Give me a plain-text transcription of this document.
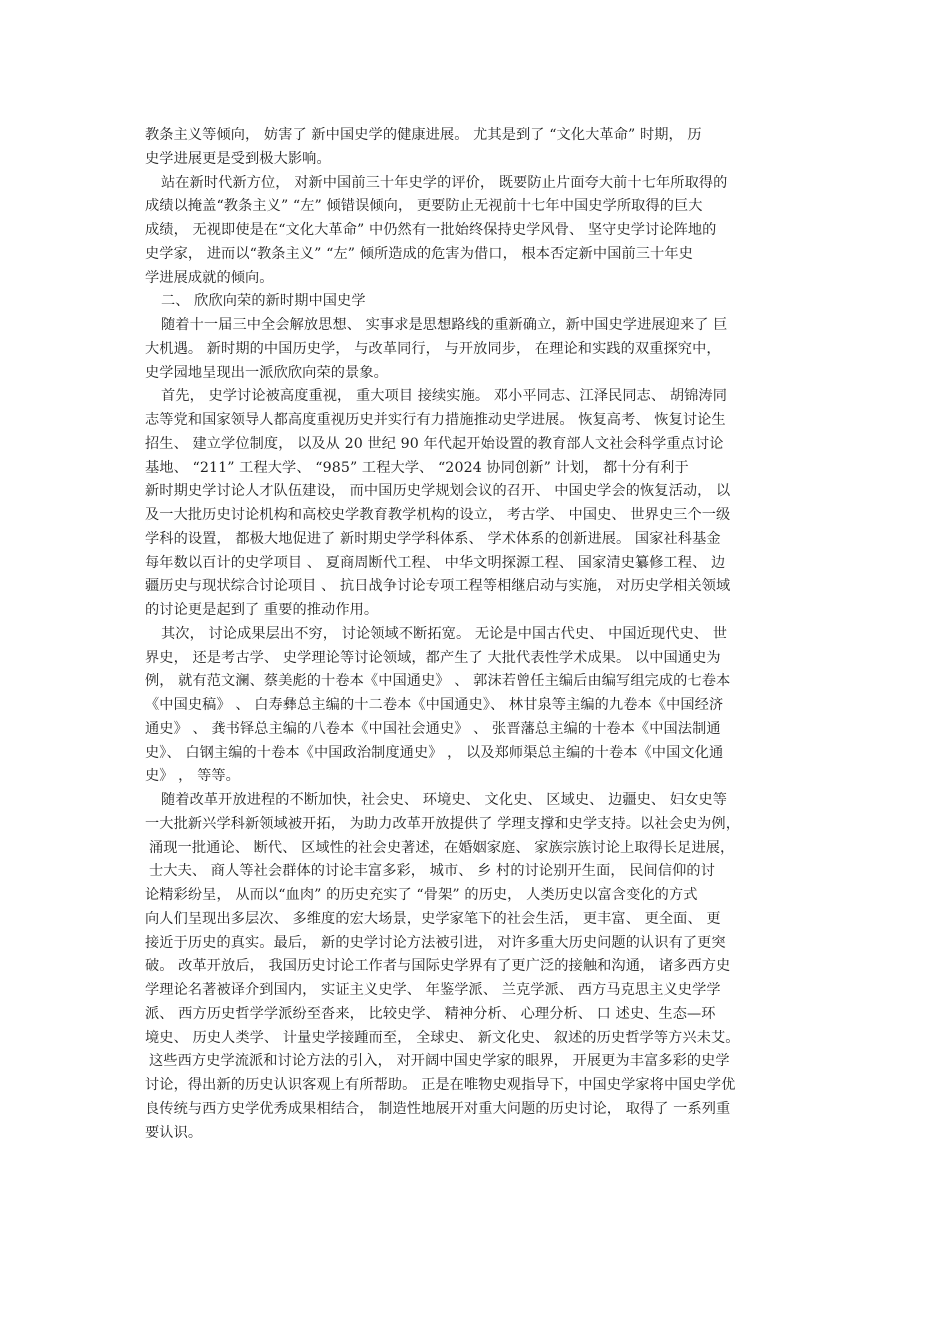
教条主义等倾向， 妨害了 新中国史学的健康进展。 尤其是到了 “文化大革命” 时期， 历
史学进展更是受到极大影响。
站在新时代新方位， 对新中国前三十年史学的评价， 既要防止片面夸大前十七年所取得的
成绩以掩盖“教条主义” “左” 倾错误倾向， 更要防止无视前十七年中国史学所取得的巨大
成绩， 无视即使是在“文化大革命” 中仍然有一批始终保持史学风骨、 坚守史学讨论阵地的
史学家， 进而以“教条主义” “左” 倾所造成的危害为借口， 根本否定新中国前三十年史
学进展成就的倾向。
二、 欣欣向荣的新时期中国史学
随着十一届三中全会解放思想、 实事求是思想路线的重新确立，新中国史学进展迎来了 巨
大机遇。 新时期的中国历史学， 与改革同行， 与开放同步， 在理论和实践的双重探究中，
史学园地呈现出一派欣欣向荣的景象。
首先， 史学讨论被高度重视， 重大项目 接续实施。 邓小平同志、江泽民同志、 胡锦涛同
志等党和国家领导人都高度重视历史并实行有力措施推动史学进展。 恢复高考、 恢复讨论生
招生、 建立学位制度， 以及从 20 世纪 90 年代起开始设置的教育部人文社会科学重点讨论
基地、 “211” 工程大学、 “985” 工程大学、 “2024 协同创新” 计划， 都十分有利于
新时期史学讨论人才队伍建设， 而中国历史学规划会议的召开、 中国史学会的恢复活动， 以
及一大批历史讨论机构和高校史学教育教学机构的设立， 考古学、 中国史、 世界史三个一级
学科的设置， 都极大地促进了 新时期史学学科体系、 学术体系的创新进展。 国家社科基金
每年数以百计的史学项目 、 夏商周断代工程、 中华文明探源工程、 国家清史纂修工程、 边
疆历史与现状综合讨论项目 、 抗日战争讨论专项工程等相继启动与实施， 对历史学相关领域
的讨论更是起到了 重要的推动作用。
其次， 讨论成果层出不穷， 讨论领域不断拓宽。 无论是中国古代史、 中国近现代史、 世
界史， 还是考古学、 史学理论等讨论领域，都产生了 大批代表性学术成果。 以中国通史为
例， 就有范文澜、蔡美彪的十卷本《中国通史》 、 郭沫若曾任主编后由编写组完成的七卷本
《中国史稿》 、 白寿彝总主编的十二卷本《中国通史》、 林甘泉等主编的九卷本《中国经济
通史》 、 龚书铎总主编的八卷本《中国社会通史》 、 张晋藩总主编的十卷本《中国法制通
史》、 白钢主编的十卷本《中国政治制度通史》 ， 以及郑师渠总主编的十卷本《中国文化通
史》 ， 等等。
随着改革开放进程的不断加快，社会史、 环境史、 文化史、 区域史、 边疆史、 妇女史等
一大批新兴学科新领域被开拓， 为助力改革开放提供了 学理支撑和史学支持。以社会史为例，
涌现一批通论、 断代、 区域性的社会史著述，在婚姻家庭、 家族宗族讨论上取得长足进展，
士大夫、 商人等社会群体的讨论丰富多彩， 城市、 乡 村的讨论别开生面， 民间信仰的讨
论精彩纷呈， 从而以“血肉” 的历史充实了 “骨架” 的历史， 人类历史以富含变化的方式
向人们呈现出多层次、 多维度的宏大场景，史学家笔下的社会生活， 更丰富、 更全面、 更
接近于历史的真实。最后， 新的史学讨论方法被引进， 对许多重大历史问题的认识有了更突
破。 改革开放后， 我国历史讨论工作者与国际史学界有了更广泛的接触和沟通， 诸多西方史
学理论名著被译介到国内， 实证主义史学、 年鉴学派、 兰克学派、 西方马克思主义史学学
派、 西方历史哲学学派纷至沓来， 比较史学、 精神分析、 心理分析、 口 述史、生态—环
境史、 历史人类学、 计量史学接踵而至， 全球史、 新文化史、 叙述的历史哲学等方兴未艾。
这些西方史学流派和讨论方法的引入， 对开阔中国史学家的眼界， 开展更为丰富多彩的史学
讨论，得出新的历史认识客观上有所帮助。 正是在唯物史观指导下，中国史学家将中国史学优
良传统与西方史学优秀成果相结合， 制造性地展开对重大问题的历史讨论， 取得了 一系列重
要认识。
